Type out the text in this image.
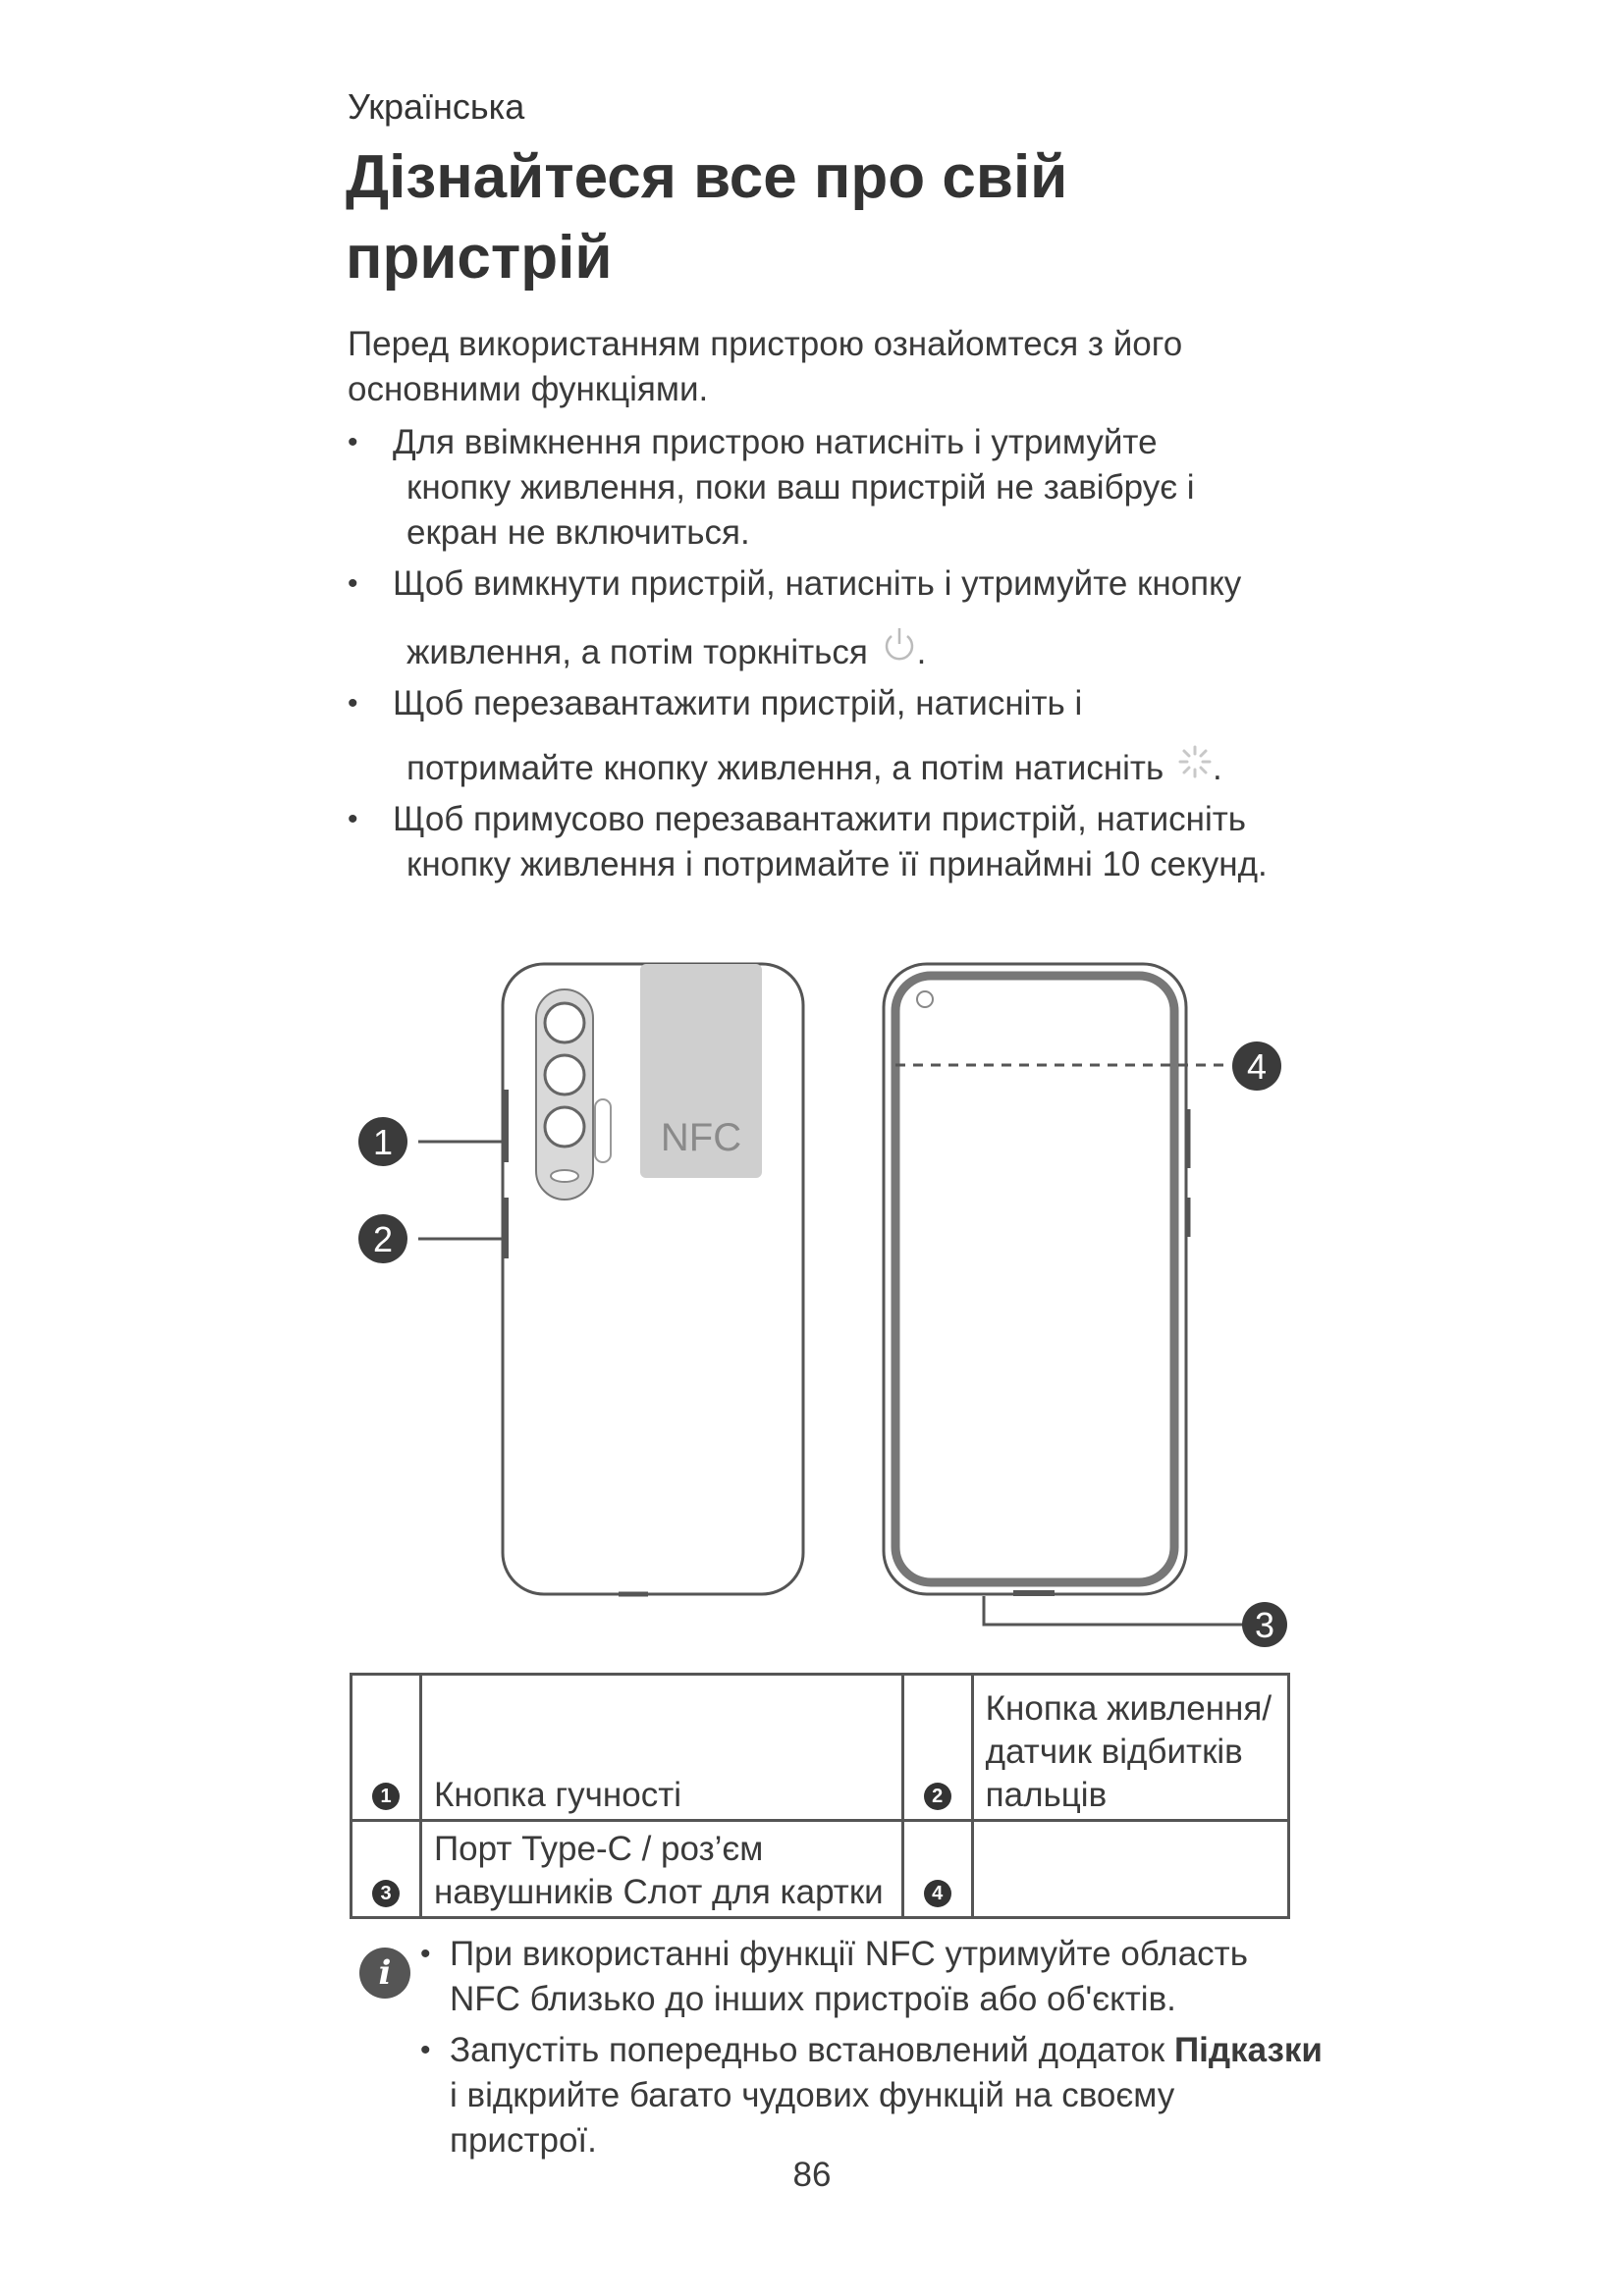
Українська
Дізнайтеся все про свій
пристрій
Перед використанням пристрою ознайомтеся з його основними функціями.
• Для ввімкнення пристрою натисніть і утримуйте
кнопку живлення, поки ваш пристрій не завібрує і
екран не включиться.
• Щоб вимкнути пристрій, натисніть і утримуйте кнопку
живлення, а потім торкніться .
• Щоб перезавантажити пристрій, натисніть і
потримайте кнопку живлення, а потім натисніть .
• Щоб примусово перезавантажити пристрій, натисніть
кнопку живлення і потримайте її принаймні 10 секунд.
NFC
1
2
3
4
1	Кнопка гучності	2	Кнопка живлення/
датчик відбитків
пальців

3	Порт Type-C / роз’єм
навушників Слот для картки	4	
i • При використанні функції NFC утримуйте область NFC близько до інших пристроїв або об'єктів.
• Запустіть попередньо встановлений додаток Підказки і відкрийте багато чудових функцій на своєму пристрої.
86
